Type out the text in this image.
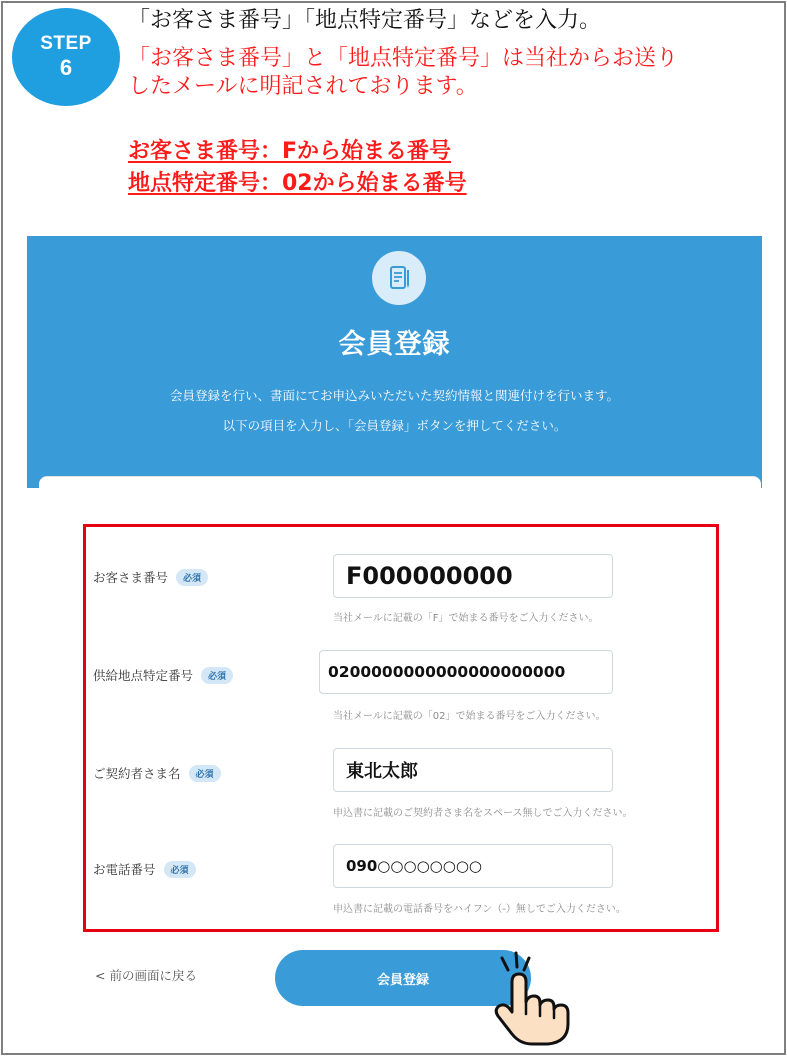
STEP
6
「お客さま番号」「地点特定番号」などを入力。
「お客さま番号」と「地点特定番号」は当社からお送り
したメールに明記されております。
お客さま番号：Fから始まる番号
地点特定番号：02から始まる番号
会員登録
会員登録を行い、書面にてお申込みいただいた契約情報と関連付けを行います。
以下の項目を入力し、「会員登録」ボタンを押してください。
お客さま番号	必須	F000000000
当社メールに記載の「F」で始まる番号をご入力ください。
供給地点特定番号	必須	0200000000000000000000
当社メールに記載の「02」で始まる番号をご入力ください。
ご契約者さま名	必須	東北太郎
申込書に記載のご契約者さま名をスペース無しでご入力ください。
お電話番号	必須	090○○○○○○○○
申込書に記載の電話番号をハイフン（-）無しでご入力ください。
< 前の画面に戻る	会員登録
